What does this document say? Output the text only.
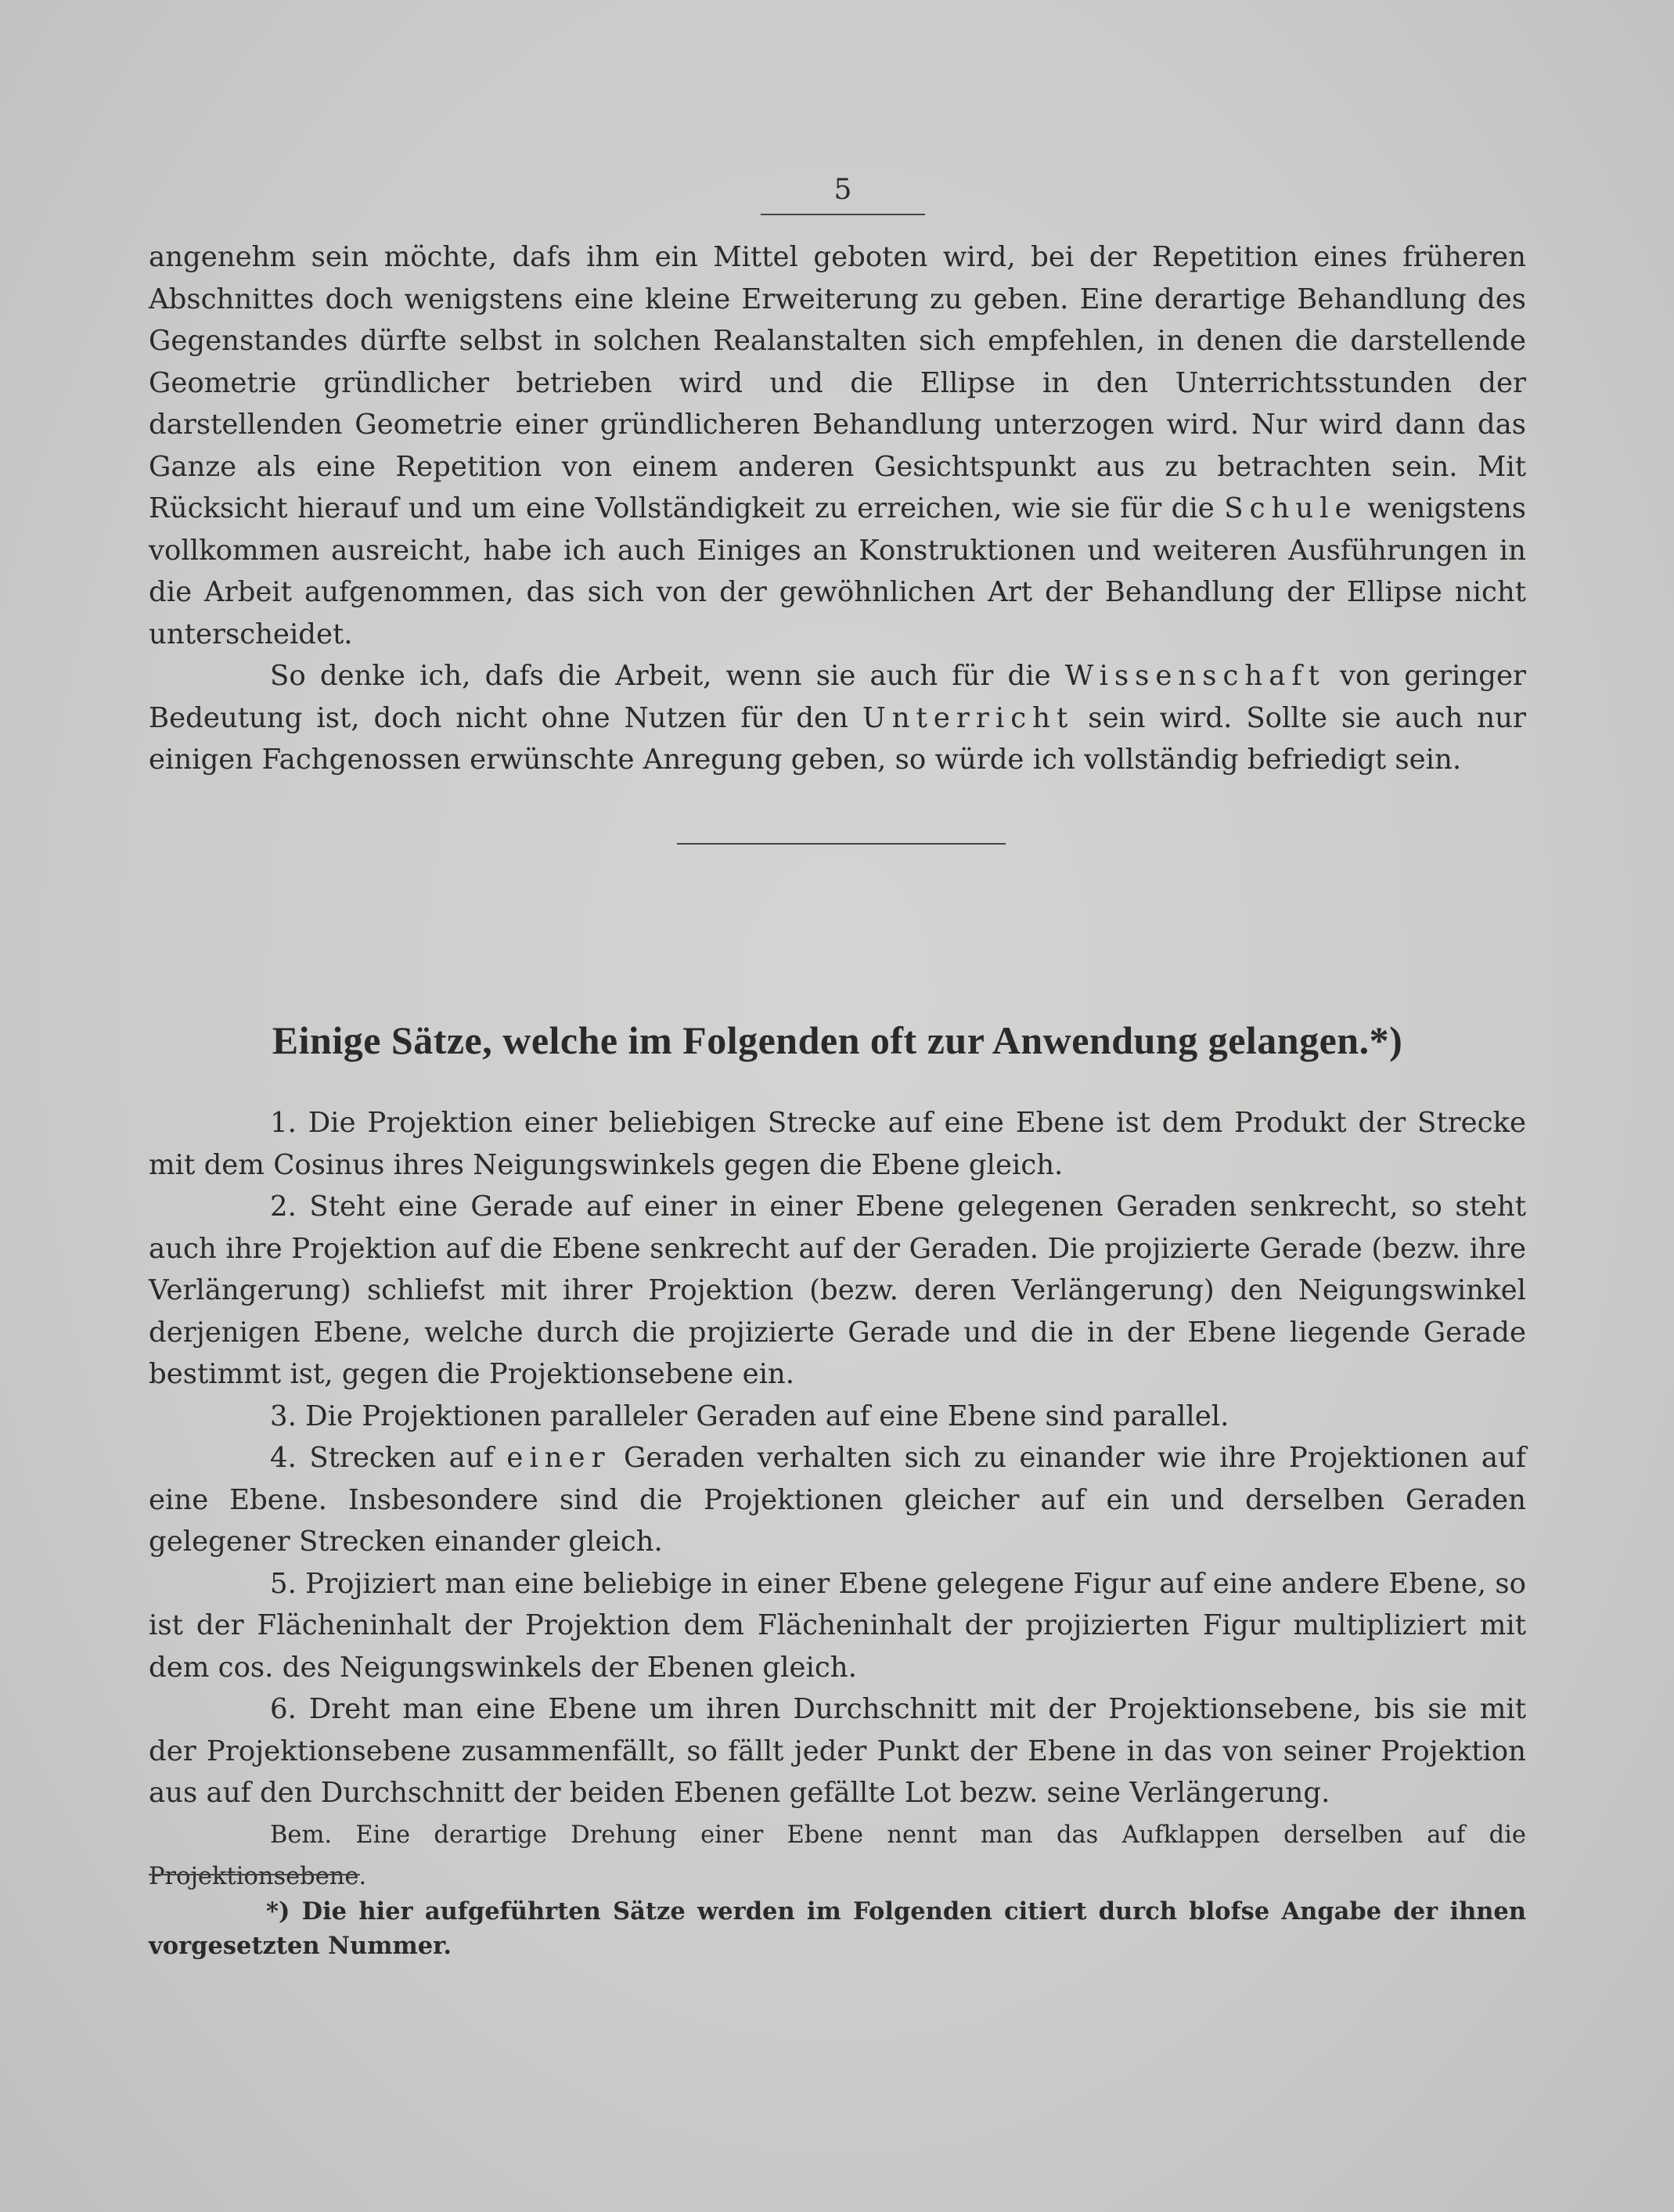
5

angenehm sein möchte, dafs ihm ein Mittel geboten wird, bei der Repetition eines früheren Abschnittes doch wenigstens eine kleine Erweiterung zu geben. Eine derartige Behandlung des Gegenstandes dürfte selbst in solchen Realanstalten sich empfehlen, in denen die darstellende Geometrie gründlicher betrieben wird und die Ellipse in den Unterrichtsstunden der darstellenden Geometrie einer gründlicheren Behandlung unterzogen wird. Nur wird dann das Ganze als eine Repetition von einem anderen Gesichtspunkt aus zu betrachten sein. Mit Rücksicht hierauf und um eine Vollständigkeit zu erreichen, wie sie für die Schule wenigstens vollkommen ausreicht, habe ich auch Einiges an Konstruktionen und weiteren Ausführungen in die Arbeit aufgenommen, das sich von der gewöhnlichen Art der Behandlung der Ellipse nicht unterscheidet.

So denke ich, dafs die Arbeit, wenn sie auch für die Wissenschaft von geringer Bedeutung ist, doch nicht ohne Nutzen für den Unterricht sein wird. Sollte sie auch nur einigen Fachgenossen erwünschte Anregung geben, so würde ich vollständig befriedigt sein.

Einige Sätze, welche im Folgenden oft zur Anwendung gelangen.*)

1. Die Projektion einer beliebigen Strecke auf eine Ebene ist dem Produkt der Strecke mit dem Cosinus ihres Neigungswinkels gegen die Ebene gleich.

2. Steht eine Gerade auf einer in einer Ebene gelegenen Geraden senkrecht, so steht auch ihre Projektion auf die Ebene senkrecht auf der Geraden. Die projizierte Gerade (bezw. ihre Verlängerung) schliefst mit ihrer Projektion (bezw. deren Verlängerung) den Neigungswinkel derjenigen Ebene, welche durch die projizierte Gerade und die in der Ebene liegende Gerade bestimmt ist, gegen die Projektionsebene ein.

3. Die Projektionen paralleler Geraden auf eine Ebene sind parallel.

4. Strecken auf einer Geraden verhalten sich zu einander wie ihre Projektionen auf eine Ebene. Insbesondere sind die Projektionen gleicher auf ein und derselben Geraden gelegener Strecken einander gleich.

5. Projiziert man eine beliebige in einer Ebene gelegene Figur auf eine andere Ebene, so ist der Flächeninhalt der Projektion dem Flächeninhalt der projizierten Figur multipliziert mit dem cos. des Neigungswinkels der Ebenen gleich.

6. Dreht man eine Ebene um ihren Durchschnitt mit der Projektionsebene, bis sie mit der Projektionsebene zusammenfällt, so fällt jeder Punkt der Ebene in das von seiner Projektion aus auf den Durchschnitt der beiden Ebenen gefällte Lot bezw. seine Verlängerung.

Bem. Eine derartige Drehung einer Ebene nennt man das Aufklappen derselben auf die Projektionsebene.

*) Die hier aufgeführten Sätze werden im Folgenden citiert durch blofse Angabe der ihnen vorgesetzten Nummer.
